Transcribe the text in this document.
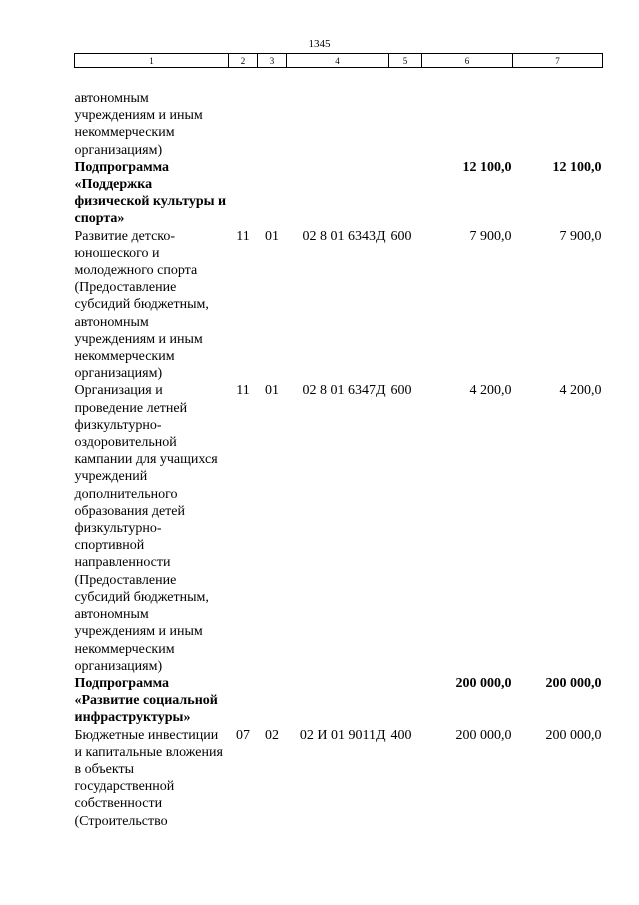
1345
1	2	3	4	5	6	7
автономным учреждениям и иным некоммерческим организациям)						
Подпрограмма «Поддержка физической культуры и спорта»					12 100,0	12 100,0
Развитие детско-юношеского и молодежного спорта (Предоставление субсидий бюджетным, автономным учреждениям и иным некоммерческим организациям)	11	01	02 8 01 6343Д	600	7 900,0	7 900,0
Организация и проведение летней физкультурно-оздоровительной кампании для учащихся учреждений дополнительного образования детей физкультурно-спортивной направленности (Предоставление субсидий бюджетным, автономным учреждениям и иным некоммерческим организациям)	11	01	02 8 01 6347Д	600	4 200,0	4 200,0
Подпрограмма «Развитие социальной инфраструктуры»					200 000,0	200 000,0
Бюджетные инвестиции и капитальные вложения в объекты государственной собственности (Строительство	07	02	02 И 01 9011Д	400	200 000,0	200 000,0
